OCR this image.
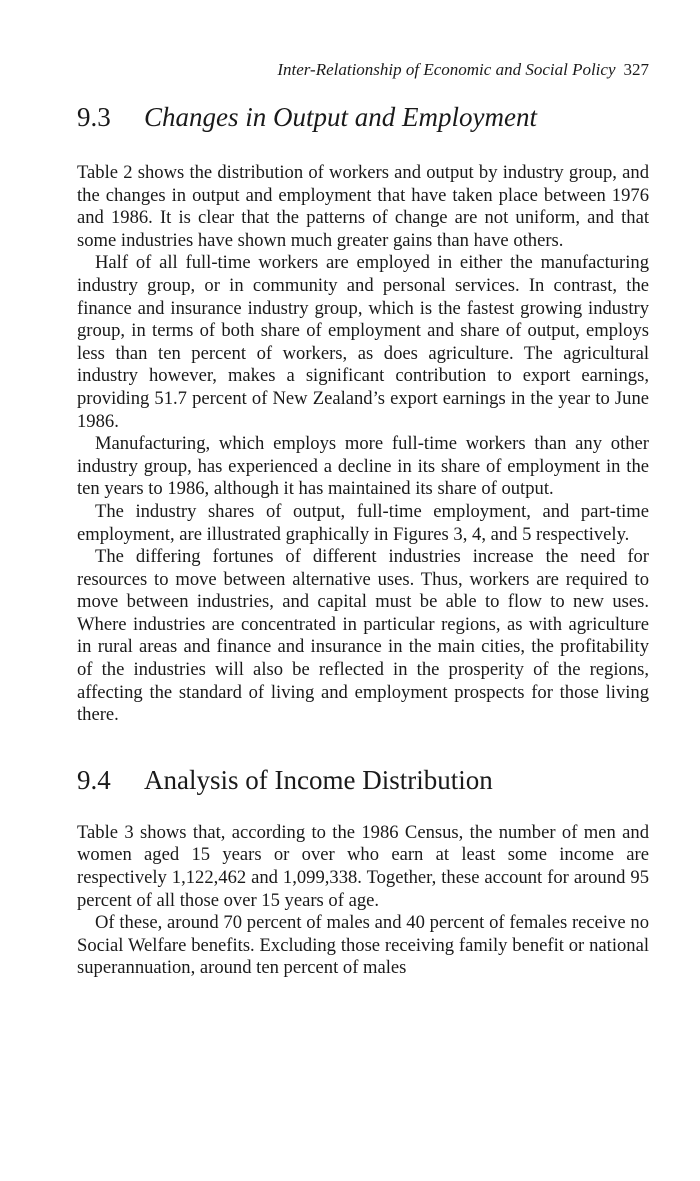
Inter-Relationship of Economic and Social Policy 327
9.3 Changes in Output and Employment

Table 2 shows the distribution of workers and output by industry group, and the changes in output and employment that have taken place between 1976 and 1986. It is clear that the patterns of change are not uniform, and that some industries have shown much greater gains than have others.

Half of all full-time workers are employed in either the manufacturing industry group, or in community and personal services. In contrast, the finance and insurance industry group, which is the fastest growing industry group, in terms of both share of employment and share of output, employs less than ten percent of workers, as does agriculture. The agricultural industry however, makes a significant contribution to export earnings, providing 51.7 percent of New Zealand’s export earnings in the year to June 1986.

Manufacturing, which employs more full-time workers than any other industry group, has experienced a decline in its share of employment in the ten years to 1986, although it has maintained its share of output.

The industry shares of output, full-time employment, and part-time employment, are illustrated graphically in Figures 3, 4, and 5 respectively.

The differing fortunes of different industries increase the need for resources to move between alternative uses. Thus, workers are required to move between industries, and capital must be able to flow to new uses. Where industries are concentrated in particular regions, as with agriculture in rural areas and finance and insurance in the main cities, the profitability of the industries will also be reflected in the prosperity of the regions, affecting the standard of living and employment prospects for those living there.

9.4 Analysis of Income Distribution

Table 3 shows that, according to the 1986 Census, the number of men and women aged 15 years or over who earn at least some income are respectively 1,122,462 and 1,099,338. Together, these account for around 95 percent of all those over 15 years of age.

Of these, around 70 percent of males and 40 percent of females receive no Social Welfare benefits. Excluding those receiving family benefit or national superannuation, around ten percent of males
